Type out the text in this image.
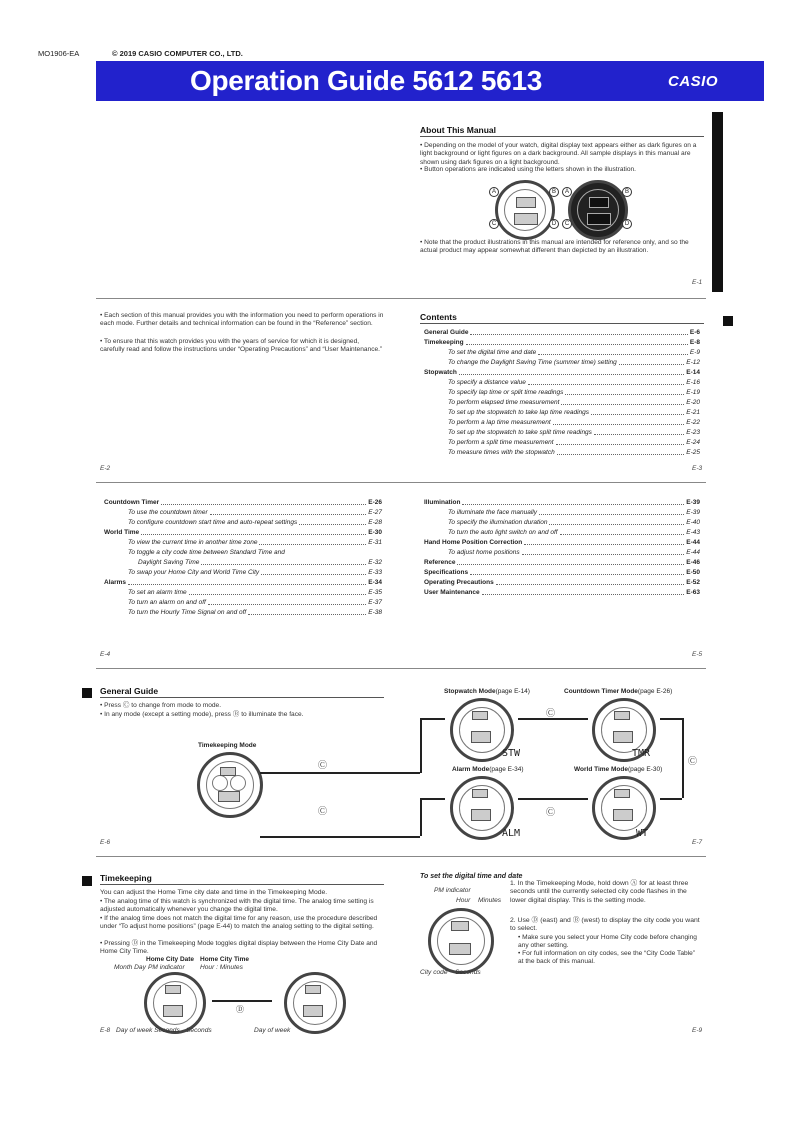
MO1906-EA	© 2019 CASIO COMPUTER CO., LTD.
Operation Guide 5612 5613	CASIO
About This Manual
• Depending on the model of your watch, digital display text appears either as dark figures on a light background or light figures on a dark background. All sample displays in this manual are shown using dark figures on a light background.
• Button operations are indicated using the letters shown in the illustration.
A	B
C	D
A	B
C	D
• Note that the product illustrations in this manual are intended for reference only, and so the actual product may appear somewhat different than depicted by an illustration.
E-1
• Each section of this manual provides you with the information you need to perform operations in each mode. Further details and technical information can be found in the “Reference” section.
• To ensure that this watch provides you with the years of service for which it is designed, carefully read and follow the instructions under “Operating Precautions” and “User Maintenance.”
E-2
Contents
General Guide	E-6
Timekeeping	E-8
To set the digital time and date	E-9
To change the Daylight Saving Time (summer time) setting	E-12
Stopwatch	E-14
To specify a distance value	E-16
To specify lap time or split time readings	E-19
To perform elapsed time measurement	E-20
To set up the stopwatch to take lap time readings	E-21
To perform a lap time measurement	E-22
To set up the stopwatch to take split time readings	E-23
To perform a split time measurement	E-24
To measure times with the stopwatch	E-25
E-3
Countdown Timer	E-26
To use the countdown timer	E-27
To configure countdown start time and auto-repeat settings	E-28
World Time	E-30
To view the current time in another time zone	E-31
To toggle a city code time between Standard Time and
Daylight Saving Time	E-32
To swap your Home City and World Time City	E-33
Alarms	E-34
To set an alarm time	E-35
To turn an alarm on and off	E-37
To turn the Hourly Time Signal on and off	E-38
Illumination	E-39
To illuminate the face manually	E-39
To specify the illumination duration	E-40
To turn the auto light switch on and off	E-43
Hand Home Position Correction	E-44
To adjust home positions	E-44
Reference	E-46
Specifications	E-50
Operating Precautions	E-52
User Maintenance	E-63
E-4	E-5
General Guide
• Press Ⓒ to change from mode to mode.
• In any mode (except a setting mode), press Ⓑ to illuminate the face.
Timekeeping Mode
Stopwatch Mode(page E-14)
STW
Countdown Timer Mode(page E-26)
TMR
Alarm Mode(page E-34)
ALM
World Time Mode(page E-30)
WT
Ⓒ
Ⓒ
Ⓒ
Ⓒ
Ⓒ
E-6	E-7
Timekeeping
You can adjust the Home Time city date and time in the Timekeeping Mode.
• The analog time of this watch is synchronized with the digital time. The analog time setting is adjusted automatically whenever you change the digital time.
• If the analog time does not match the digital time for any reason, use the procedure described under “To adjust home positions” (page E-44) to match the analog setting to the digital setting.
• Pressing Ⓓ in the Timekeeping Mode toggles digital display between the Home City Date and Home City Time.
Home City Date Home City Time
Month Day PM indicator Hour : Minutes
Ⓓ
Day of week Seconds Seconds	Day of week
E-8
To set the digital time and date
PM indicator
Hour Minutes
City code Seconds
1. In the Timekeeping Mode, hold down Ⓐ for at least three seconds until the currently selected city code flashes in the lower digital display. This is the setting mode.
2. Use Ⓓ (east) and Ⓑ (west) to display the city code you want to select.
• Make sure you select your Home City code before changing any other setting.
• For full information on city codes, see the “City Code Table” at the back of this manual.
E-9
